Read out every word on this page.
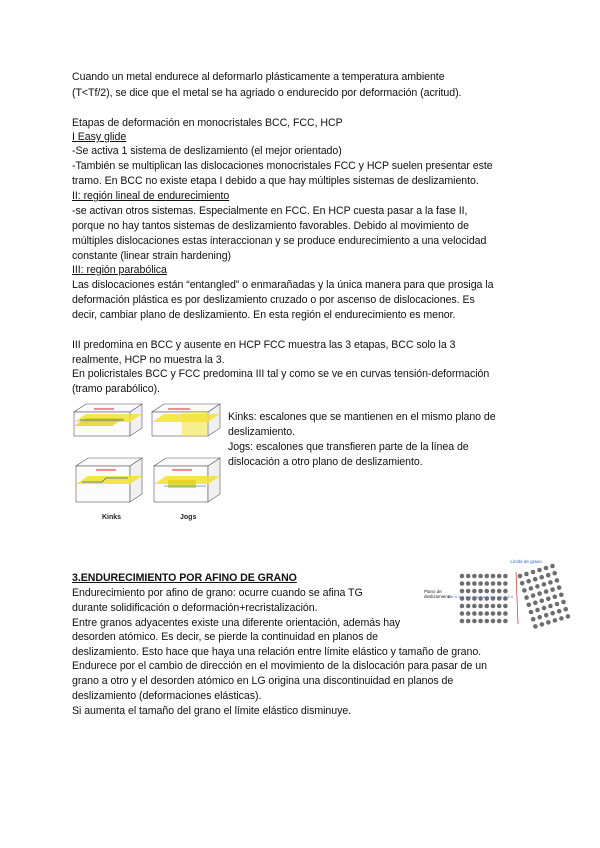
Cuando un metal endurece al deformarlo plásticamente a temperatura ambiente
(T<Tf/2), se dice que el metal se ha agriado o endurecido por deformación (acritud).
Etapas de deformación en monocristales BCC, FCC, HCP
I Easy glide
-Se activa 1 sistema de deslizamiento (el mejor orientado)
-También se multiplican las dislocaciones monocristales FCC y HCP suelen presentar este
tramo. En BCC no existe etapa I debido a que hay múltiples sistemas de deslizamiento.
II: región lineal de endurecimiento
-se activan otros sistemas. Especialmente en FCC. En HCP cuesta pasar a la fase II,
porque no hay tantos sistemas de deslizamiento favorables. Debido al movimiento de
múltiples dislocaciones estas interaccionan y se produce endurecimiento a una velocidad
constante (linear strain hardening)
III: región parabólica
Las dislocaciones están “entangled” o enmarañadas y la única manera para que prosiga la
deformación plástica es por deslizamiento cruzado o por ascenso de dislocaciones. Es
decir, cambiar plano de deslizamiento. En esta región el endurecimiento es menor.
III predomina en BCC y ausente en HCP FCC muestra las 3 etapas, BCC solo la 3
realmente, HCP no muestra la 3.
En policristales BCC y FCC predomina III tal y como se ve en curvas tensión-deformación
(tramo parabólico).
Kinks	Jogs
Kinks: escalones que se mantienen en el mismo plano de
deslizamiento.
Jogs: escalones que transfieren parte de la línea de
dislocación a otro plano de deslizamiento.
3.ENDURECIMIENTO POR AFINO DE GRANO
Endurecimiento por afino de grano: ocurre cuando se afina TG
durante solidificación o deformación+recristalización.
Entre granos adyacentes existe una diferente orientación, además hay
desorden atómico. Es decir, se pierde la continuidad en planos de
deslizamiento. Esto hace que haya una relación entre límite elástico y tamaño de grano.
Endurece por el cambio de dirección en el movimiento de la dislocación para pasar de un
grano a otro y el desorden atómico en LG origina una discontinuidad en planos de
deslizamiento (deformaciones elásticas).
Si aumenta el tamaño del grano el límite elástico disminuye.
Límite de grano
Plano de deslizamiento
